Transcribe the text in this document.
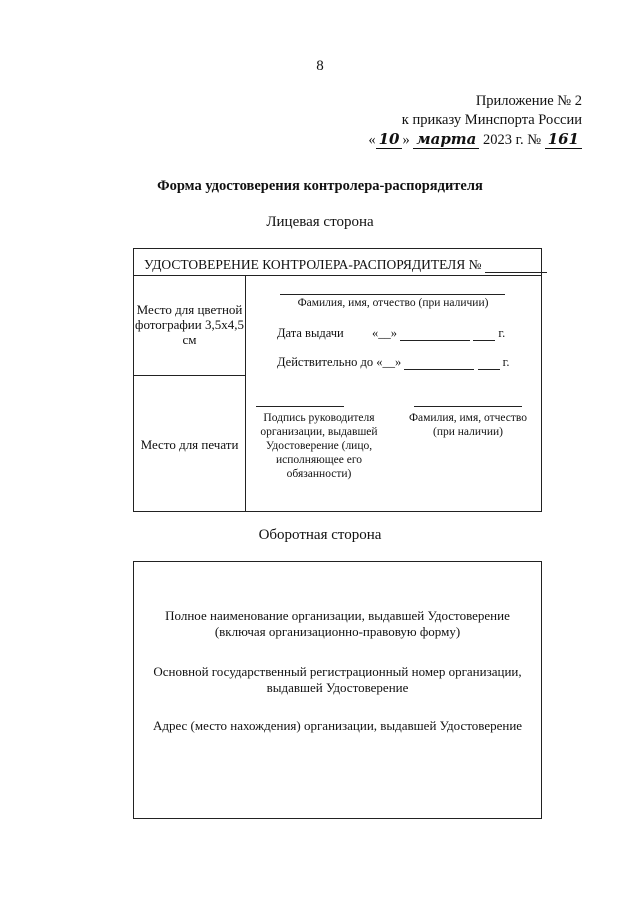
8
Приложение № 2
к приказу Минспорта России
« 10 » марта 2023 г. № 161
Форма удостоверения контролера-распорядителя
Лицевая сторона
УДОСТОВЕРЕНИЕ КОНТРОЛЕРА-РАСПОРЯДИТЕЛЯ №
Место для цветной фотографии 3,5х4,5 см
Фамилия, имя, отчество (при наличии)
Дата выдачи «__»	г.
Действительно до «__»	г.
Место для печати
Подпись руководителя организации, выдавшей Удостоверение (лицо, исполняющее его обязанности)
Фамилия, имя, отчество (при наличии)
Оборотная сторона
Полное наименование организации, выдавшей Удостоверение
(включая организационно-правовую форму)
Основной государственный регистрационный номер организации,
выдавшей Удостоверение
Адрес (место нахождения) организации, выдавшей Удостоверение
